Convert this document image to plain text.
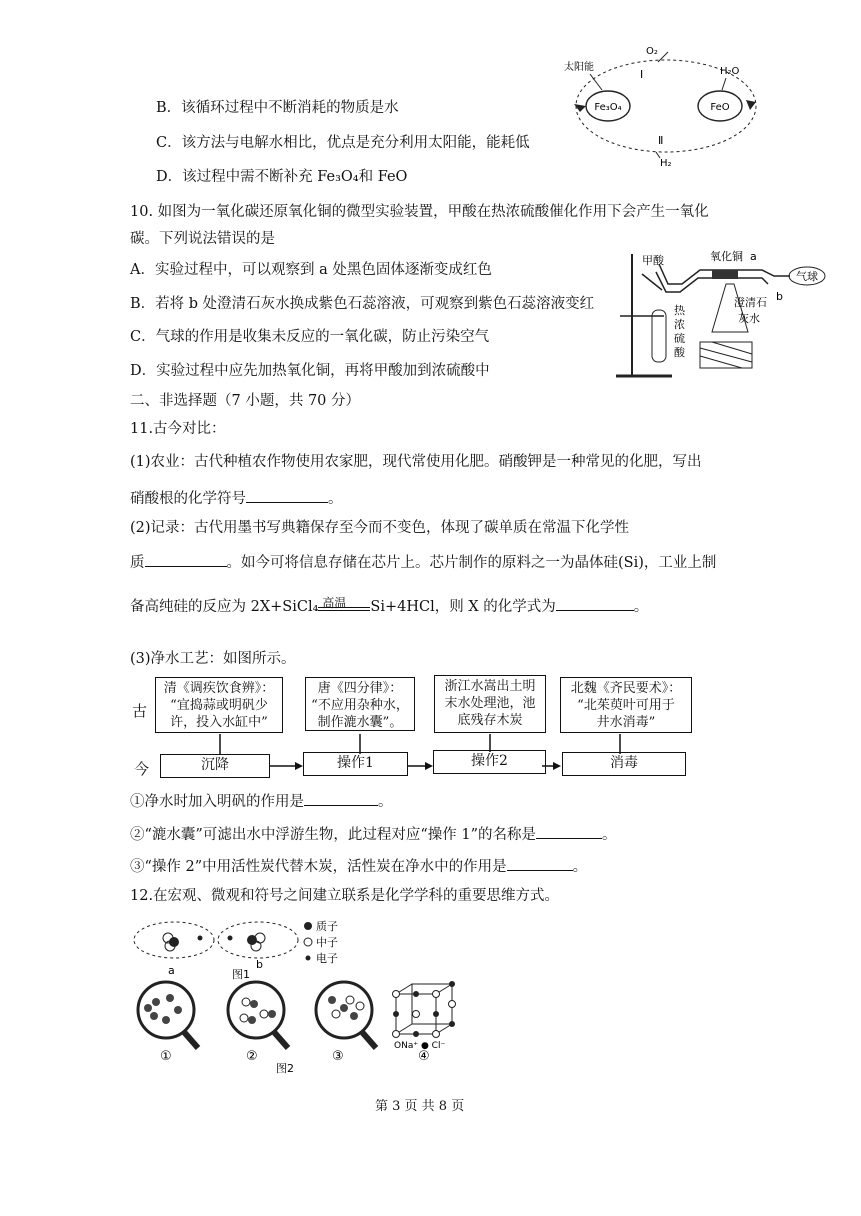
B．该循环过程中不断消耗的物质是水
C．该方法与电解水相比，优点是充分利用太阳能，能耗低
D．该过程中需不断补充 Fe₃O₄和 FeO
Fe₃O₄	FeO
太阳能
O₂
Ⅰ	H₂O
Ⅱ
H₂
10. 如图为一氧化碳还原氧化铜的微型实验装置，甲酸在热浓硫酸催化作用下会产生一氧化
碳。下列说法错误的是
A．实验过程中，可以观察到 a 处黑色固体逐渐变成红色
B．若将 b 处澄清石灰水换成紫色石蕊溶液，可观察到紫色石蕊溶液变红
C．气球的作用是收集未反应的一氧化碳，防止污染空气
D．实验过程中应先加热氧化铜，再将甲酸加到浓硫酸中
甲酸	氧化铜 a
气球
b
澄清石
灰水
热
浓
硫
酸
二、非选择题（7 小题，共 70 分）
11.古今对比：
(1)农业：古代种植农作物使用农家肥，现代常使用化肥。硝酸钾是一种常见的化肥，写出
硝酸根的化学符号	。
(2)记录：古代用墨书写典籍保存至今而不变色，体现了碳单质在常温下化学性
质	。如今可将信息存储在芯片上。芯片制作的原料之一为晶体硅(Si)，工业上制
备高纯硅的反应为 2X+SiCl₄ 高温 Si+4HCl，则 X 的化学式为	。
(3)净水工艺：如图所示。
古
今
清《调疾饮食辨》：
“宜捣蒜或明矾少
许，投入水缸中”
唐《四分律》：
“不应用杂种水，
制作漉水囊”。
浙江水嵩出土明
末水处理池，池
底残存木炭
北魏《齐民要术》：
“北茱萸叶可用于
井水消毒”
沉降	操作1	操作2	消毒
①净水时加入明矾的作用是	。
②“漉水囊”可滤出水中浮游生物，此过程对应“操作 1”的名称是	。
③“操作 2”中用活性炭代替木炭，活性炭在净水中的作用是	。
12.在宏观、微观和符号之间建立联系是化学学科的重要思维方式。
a	b
图1
质子
中子
电子
ONa⁺ ● Cl⁻
①	②	③	④
图2
第 3 页 共 8 页
